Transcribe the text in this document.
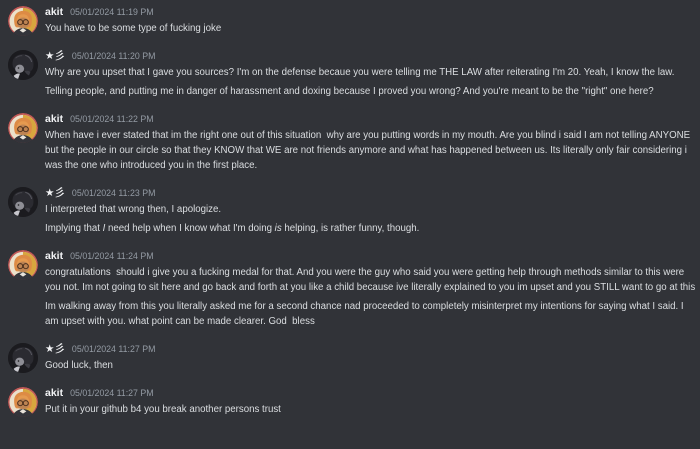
akit 05/01/2024 11:19 PM
You have to be some type of fucking joke
★彡 05/01/2024 11:20 PM
Why are you upset that I gave you sources? I'm on the defense becaue you were telling me THE LAW after reiterating I'm 20. Yeah, I know the law.
Telling people, and putting me in danger of harassment and doxing because I proved you wrong? And you're meant to be the "right" one here?
akit 05/01/2024 11:22 PM
When have i ever stated that im the right one out of this situation  why are you putting words in my mouth. Are you blind i said I am not telling ANYONE but the people in our circle so that they KNOW that WE are not friends anymore and what has happened between us. Its literally only fair considering i was the one who introduced you in the first place.
★彡 05/01/2024 11:23 PM
I interpreted that wrong then, I apologize.
Implying that I need help when I know what I'm doing is helping, is rather funny, though.
akit 05/01/2024 11:24 PM
congratulations  should i give you a fucking medal for that. And you were the guy who said you were getting help through methods similar to this were you not. Im not going to sit here and go back and forth at you like a child because ive literally explained to you im upset and you STILL want to go at this
Im walking away from this you literally asked me for a second chance nad proceeded to completely misinterpret my intentions for saying what I said. I am upset with you. what point can be made clearer. God  bless
★彡 05/01/2024 11:27 PM
Good luck, then
akit 05/01/2024 11:27 PM
Put it in your github b4 you break another persons trust
